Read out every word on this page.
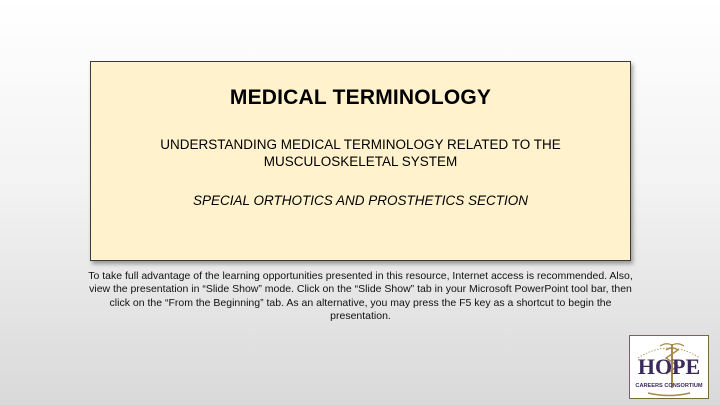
MEDICAL TERMINOLOGY
UNDERSTANDING MEDICAL TERMINOLOGY RELATED TO THE MUSCULOSKELETAL SYSTEM
SPECIAL ORTHOTICS AND PROSTHETICS SECTION
To take full advantage of the learning opportunities presented in this resource, Internet access is recommended. Also, view the presentation in “Slide Show” mode. Click on the “Slide Show” tab in your Microsoft PowerPoint tool bar, then click on the “From the Beginning” tab. As an alternative, you may press the F5 key as a shortcut to begin the presentation.
HOPE
CAREERS CONSORTIUM
